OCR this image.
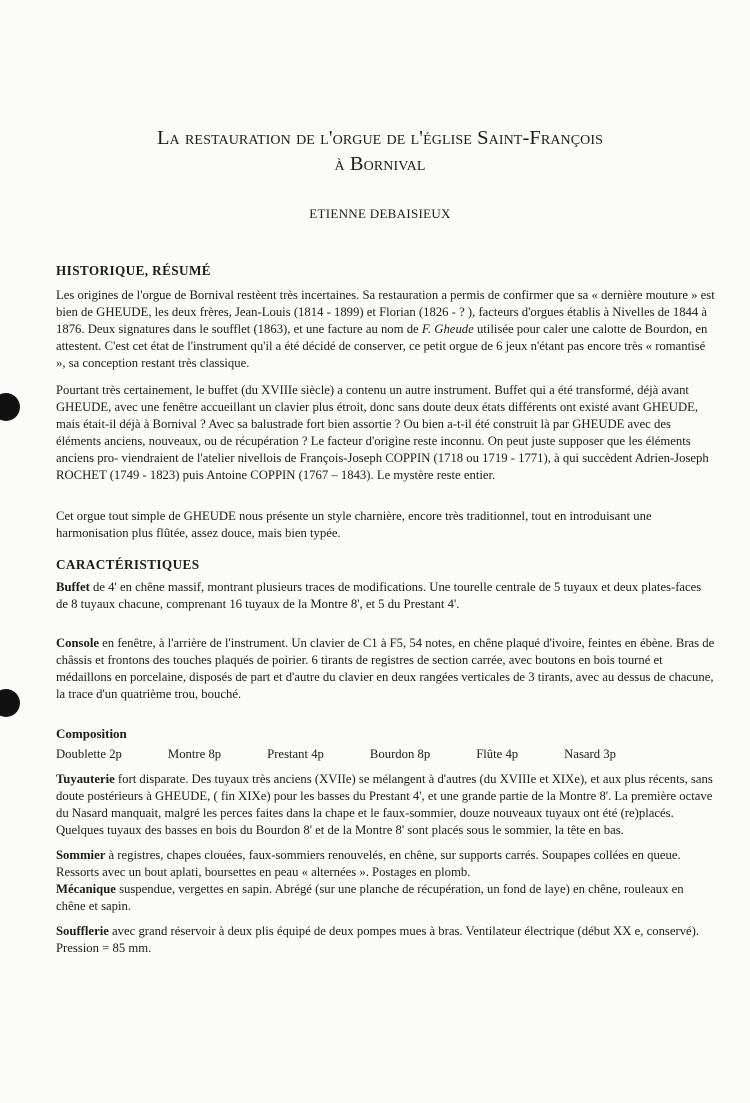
La restauration de l'orgue de l'église Saint-François
à Bornival
ETIENNE DEBAISIEUX
HISTORIQUE, RÉSUMÉ

Les origines de l'orgue de Bornival restèent très incertaines. Sa restauration a permis de confirmer que sa « dernière mouture » est bien de GHEUDE, les deux frères, Jean-Louis (1814 - 1899) et Florian (1826 - ? ), facteurs d'orgues établis à Nivelles de 1844 à 1876. Deux signatures dans le soufflet (1863), et une facture au nom de F. Gheude utilisée pour caler une calotte de Bourdon, en attestent. C'est cet état de l'instrument qu'il a été décidé de conserver, ce petit orgue de 6 jeux n'étant pas encore très « romantisé », sa conception restant très classique.

Pourtant très certainement, le buffet (du XVIIIe siècle) a contenu un autre instrument. Buffet qui a été transformé, déjà avant GHEUDE, avec une fenêtre accueillant un clavier plus étroit, donc sans doute deux états différents ont existé avant GHEUDE, mais était-il déjà à Bornival ? Avec sa balustrade fort bien assortie ? Ou bien a-t-il été construit là par GHEUDE avec des éléments anciens, nouveaux, ou de récupération ? Le facteur d'origine reste inconnu. On peut juste supposer que les éléments anciens pro- viendraient de l'atelier nivellois de François-Joseph COPPIN (1718 ou 1719 - 1771), à qui succèdent Adrien-Joseph ROCHET (1749 - 1823) puis Antoine COPPIN (1767 – 1843). Le mystère reste entier.

Cet orgue tout simple de GHEUDE nous présente un style charnière, encore très traditionnel, tout en introduisant une harmonisation plus flûtée, assez douce, mais bien typée.

CARACTÉRISTIQUES

Buffet de 4' en chêne massif, montrant plusieurs traces de modifications. Une tourelle centrale de 5 tuyaux et deux plates-faces de 8 tuyaux chacune, comprenant 16 tuyaux de la Montre 8', et 5 du Prestant 4'.

Console en fenêtre, à l'arrière de l'instrument. Un clavier de C1 à F5, 54 notes, en chêne plaqué d'ivoire, feintes en ébène. Bras de châssis et frontons des touches plaqués de poirier. 6 tirants de registres de section carrée, avec boutons en bois tourné et médaillons en porcelaine, disposés de part et d'autre du clavier en deux rangées verticales de 3 tirants, avec au dessus de chacune, la trace d'un quatrième trou, bouché.

Composition
Doublette 2p	Montre 8p	Prestant 4p	Bourdon 8p	Flûte 4p	Nasard 3p

Tuyauterie fort disparate. Des tuyaux très anciens (XVIIe) se mélangent à d'autres (du XVIIIe et XIXe), et aux plus récents, sans doute postérieurs à GHEUDE, ( fin XIXe) pour les basses du Prestant 4', et une grande partie de la Montre 8'. La première octave du Nasard manquait, malgré les perces faites dans la chape et le faux-sommier, douze nouveaux tuyaux ont été (re)placés. Quelques tuyaux des basses en bois du Bourdon 8' et de la Montre 8' sont placés sous le sommier, la tête en bas.

Sommier à registres, chapes clouées, faux-sommiers renouvelés, en chêne, sur supports carrés. Soupapes collées en queue. Ressorts avec un bout aplati, boursettes en peau « alternées ». Postages en plomb.

Mécanique suspendue, vergettes en sapin. Abrégé (sur une planche de récupération, un fond de laye) en chêne, rouleaux en chêne et sapin.

Soufflerie avec grand réservoir à deux plis équipé de deux pompes mues à bras. Ventilateur électrique (début XX e, conservé). Pression = 85 mm.
